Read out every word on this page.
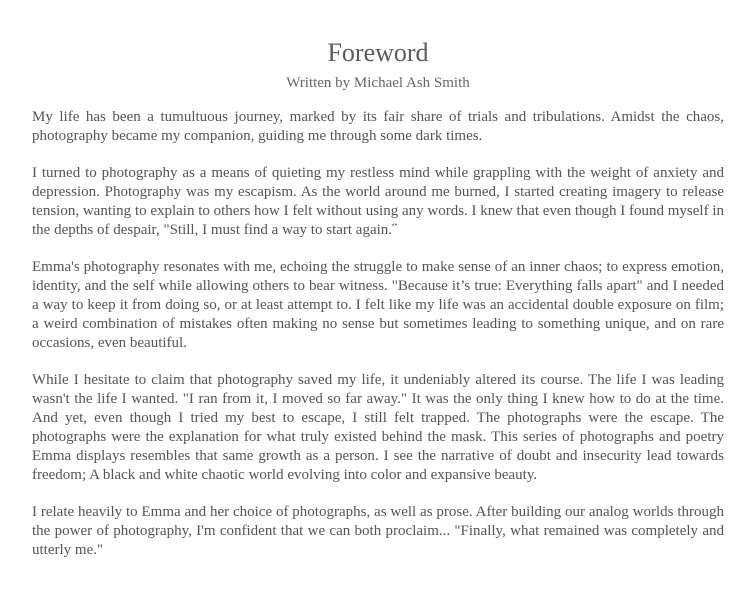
Foreword

Written by Michael Ash Smith

My life has been a tumultuous journey, marked by its fair share of trials and tribulations. Amidst the chaos, photography became my companion, guiding me through some dark times.

I turned to photography as a means of quieting my restless mind while grappling with the weight of anxiety and depression. Photography was my escapism. As the world around me burned, I started creating imagery to release tension, wanting to explain to others how I felt without using any words. I knew that even though I found myself in the depths of despair, "Still, I must find a way to start again.˝

Emma's photography resonates with me, echoing the struggle to make sense of an inner chaos; to express emotion, identity, and the self while allowing others to bear witness. "Because it’s true: Everything falls apart" and I needed a way to keep it from doing so, or at least attempt to. I felt like my life was an accidental double exposure on film; a weird combination of mistakes often making no sense but sometimes leading to something unique, and on rare occasions, even beautiful.

While I hesitate to claim that photography saved my life, it undeniably altered its course. The life I was leading wasn't the life I wanted. "I ran from it, I moved so far away." It was the only thing I knew how to do at the time. And yet, even though I tried my best to escape, I still felt trapped. The photographs were the escape. The photographs were the explanation for what truly existed behind the mask. This series of photographs and poetry Emma displays resembles that same growth as a person. I see the narrative of doubt and insecurity lead towards freedom; A black and white chaotic world evolving into color and expansive beauty.

I relate heavily to Emma and her choice of photographs, as well as prose. After building our analog worlds through the power of photography, I'm confident that we can both proclaim... "Finally, what remained was completely and utterly me."
